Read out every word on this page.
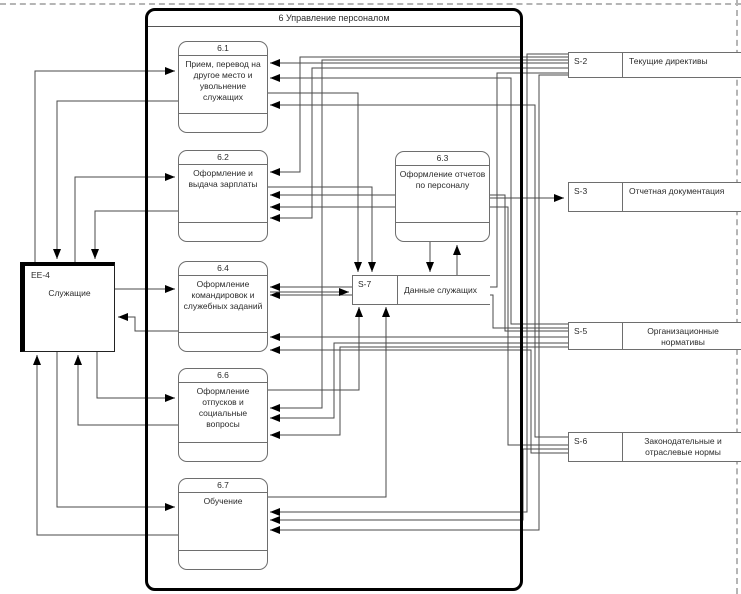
6 Управление персоналом
EE-4
Служащие
6.1
Прием, перевод на другое место и увольнение служащих
6.2
Оформление и выдача зарплаты
6.3
Оформление отчетов по персоналу
6.4
Оформление командировок и служебных заданий
6.6
Оформление отпусков и социальные вопросы
6.7
Обучение
S-7
Данные служащих
S-2	Текущие директивы
S-3	Отчетная документация
S-5	Организационные нормативы
S-6	Законодательные и отраслевые нормы
